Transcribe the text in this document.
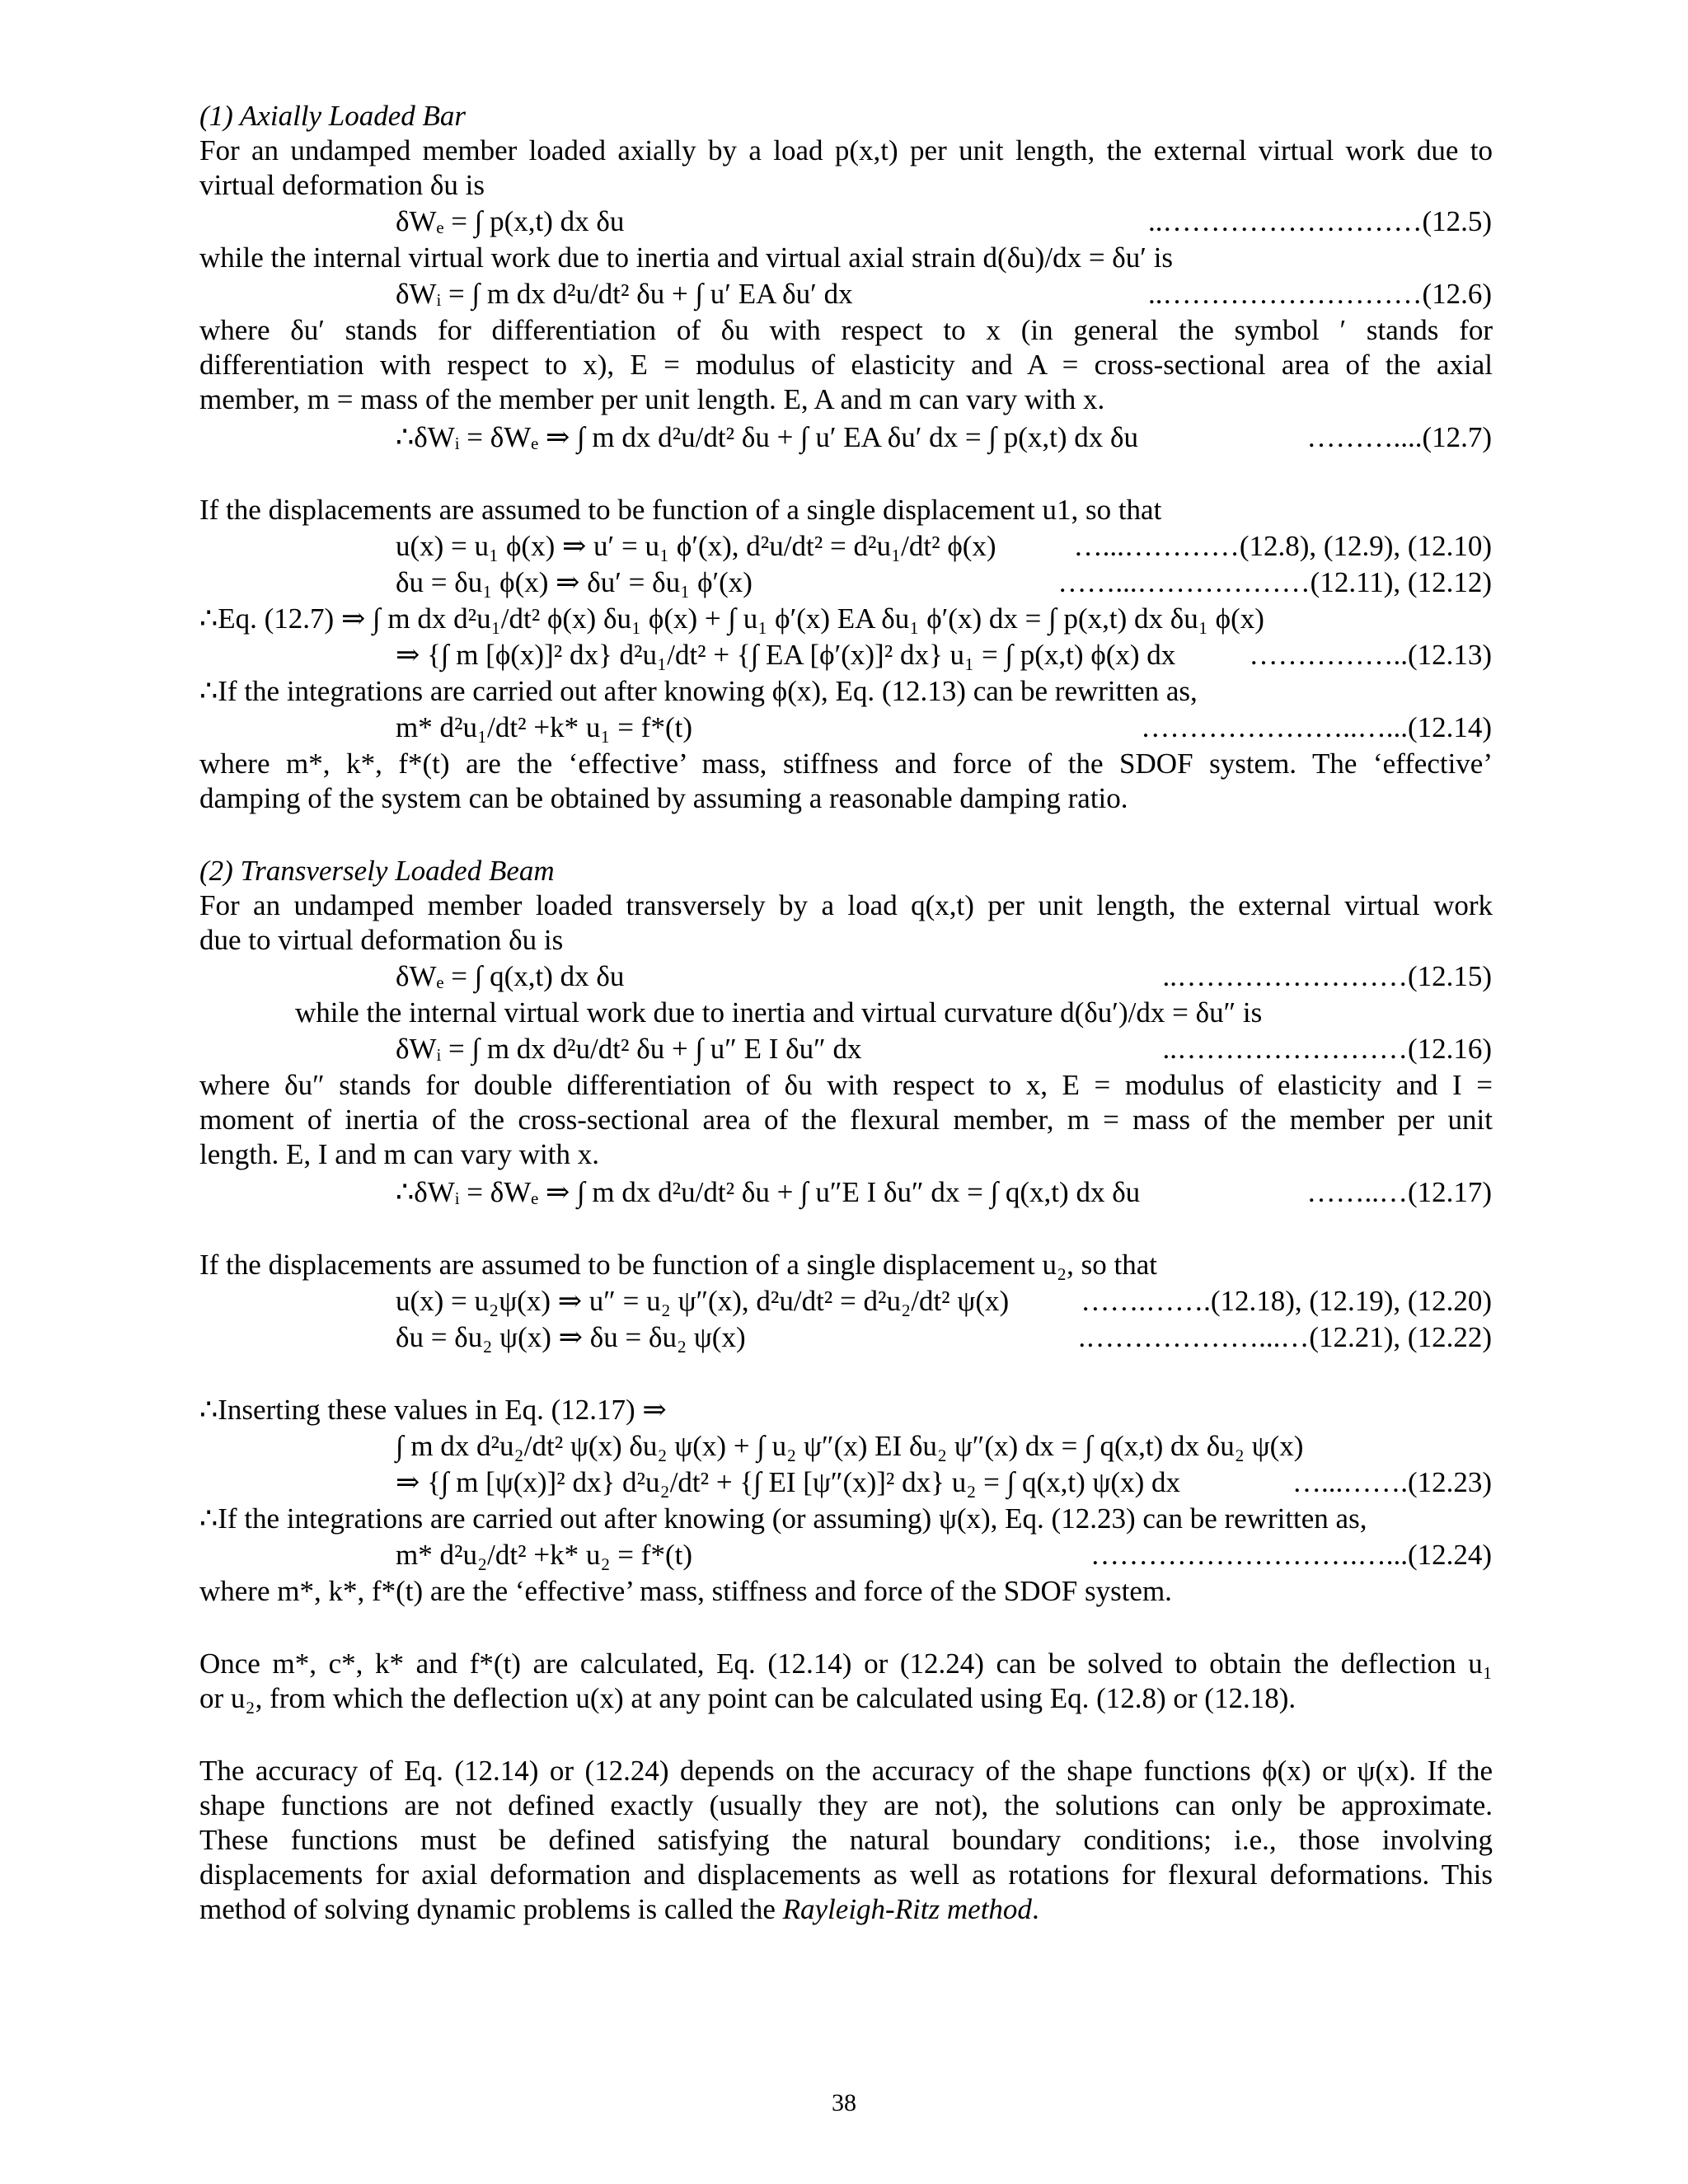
(1) Axially Loaded Bar
For an undamped member loaded axially by a load p(x,t) per unit length, the external virtual work due to
virtual deformation δu is
δWₑ = ∫ p(x,t) dx δu	..………………………(12.5)
while the internal virtual work due to inertia and virtual axial strain d(δu)/dx = δu′ is
δWᵢ = ∫ m dx d²u/dt² δu + ∫ u′ EA δu′ dx	..………………………(12.6)
where δu′ stands for differentiation of δu with respect to x (in general the symbol ′ stands for
differentiation with respect to x), E = modulus of elasticity and A = cross-sectional area of the axial
member, m = mass of the member per unit length. E, A and m can vary with x.
∴δWᵢ = δWₑ ⇒ ∫ m dx d²u/dt² δu + ∫ u′ EA δu′ dx = ∫ p(x,t) dx δu	………....(12.7)
If the displacements are assumed to be function of a single displacement u1, so that
u(x) = u₁ ϕ(x) ⇒ u′ = u₁ ϕ′(x), d²u/dt² = d²u₁/dt² ϕ(x)	…...…………(12.8), (12.9), (12.10)
δu = δu₁ ϕ(x) ⇒ δu′ = δu₁ ϕ′(x)	……...………………(12.11), (12.12)
∴Eq. (12.7) ⇒ ∫ m dx d²u₁/dt² ϕ(x) δu₁ ϕ(x) + ∫ u₁ ϕ′(x) EA δu₁ ϕ′(x) dx = ∫ p(x,t) dx δu₁ ϕ(x)
⇒ {∫ m [ϕ(x)]² dx} d²u₁/dt² + {∫ EA [ϕ′(x)]² dx} u₁ = ∫ p(x,t) ϕ(x) dx	……………..(12.13)
∴If the integrations are carried out after knowing ϕ(x), Eq. (12.13) can be rewritten as,
m* d²u₁/dt² +k* u₁ = f*(t)	…………………..…...(12.14)
where m*, k*, f*(t) are the ‘effective’ mass, stiffness and force of the SDOF system. The ‘effective’
damping of the system can be obtained by assuming a reasonable damping ratio.
(2) Transversely Loaded Beam
For an undamped member loaded transversely by a load q(x,t) per unit length, the external virtual work
due to virtual deformation δu is
δWₑ = ∫ q(x,t) dx δu	..……………………(12.15)
while the internal virtual work due to inertia and virtual curvature d(δu′)/dx = δu″ is
δWᵢ = ∫ m dx d²u/dt² δu + ∫ u″ E I δu″ dx	..……………………(12.16)
where δu″ stands for double differentiation of δu with respect to x, E = modulus of elasticity and I =
moment of inertia of the cross-sectional area of the flexural member, m = mass of the member per unit
length. E, I and m can vary with x.
∴δWᵢ = δWₑ ⇒ ∫ m dx d²u/dt² δu + ∫ u″E I δu″ dx = ∫ q(x,t) dx δu	……..…(12.17)
If the displacements are assumed to be function of a single displacement u₂, so that
u(x) = u₂ψ(x) ⇒ u″ = u₂ ψ″(x), d²u/dt² = d²u₂/dt² ψ(x) …….…….(12.18), (12.19), (12.20)
δu = δu₂ ψ(x) ⇒ δu = δu₂ ψ(x)	.………………...…(12.21), (12.22)
∴Inserting these values in Eq. (12.17) ⇒
∫ m dx d²u₂/dt² ψ(x) δu₂ ψ(x) + ∫ u₂ ψ″(x) EI δu₂ ψ″(x) dx = ∫ q(x,t) dx δu₂ ψ(x)
⇒ {∫ m [ψ(x)]² dx} d²u₂/dt² + {∫ EI [ψ″(x)]² dx} u₂ = ∫ q(x,t) ψ(x) dx	…...…….(12.23)
∴If the integrations are carried out after knowing (or assuming) ψ(x), Eq. (12.23) can be rewritten as,
m* d²u₂/dt² +k* u₂ = f*(t)	……………………….…...(12.24)
where m*, k*, f*(t) are the ‘effective’ mass, stiffness and force of the SDOF system.
Once m*, c*, k* and f*(t) are calculated, Eq. (12.14) or (12.24) can be solved to obtain the deflection u₁
or u₂, from which the deflection u(x) at any point can be calculated using Eq. (12.8) or (12.18).
The accuracy of Eq. (12.14) or (12.24) depends on the accuracy of the shape functions ϕ(x) or ψ(x). If the
shape functions are not defined exactly (usually they are not), the solutions can only be approximate.
These functions must be defined satisfying the natural boundary conditions; i.e., those involving
displacements for axial deformation and displacements as well as rotations for flexural deformations. This
method of solving dynamic problems is called the Rayleigh-Ritz method.
38
